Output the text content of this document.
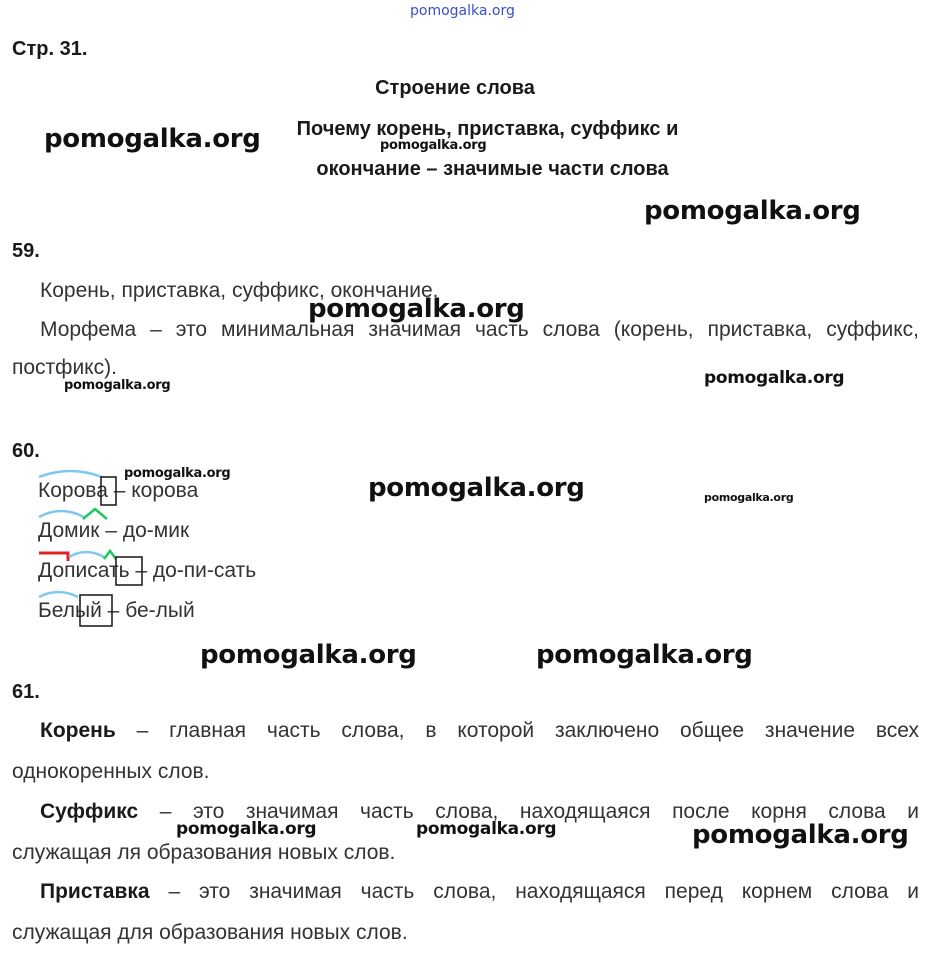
pomogalka.org
Стр. 31.
Строение слова
Почему корень, приставка, суффикс и
окончание – значимые части слова
59.
Корень, приставка, суффикс, окончание.
Морфема – это минимальная значимая часть слова (корень, приставка, суффикс,
постфикс).
60.
Корова
– корова
Домик
– до-мик
Дописать
– до-пи-сать
Белый
– бе-лый
61.
Корень – главная часть слова, в которой заключено общее значение всех
однокоренных слов.
Суффикс – это значимая часть слова, находящаяся после корня слова и
служащая ля образования новых слов.
Приставка – это значимая часть слова, находящаяся перед корнем слова и
служащая для образования новых слов.
pomogalka.org	pomogalka.org
pomogalka.org
pomogalka.org
pomogalka.org	pomogalka.org
pomogalka.org	pomogalka.org	pomogalka.org
pomogalka.org	pomogalka.org
pomogalka.org	pomogalka.org	pomogalka.org
